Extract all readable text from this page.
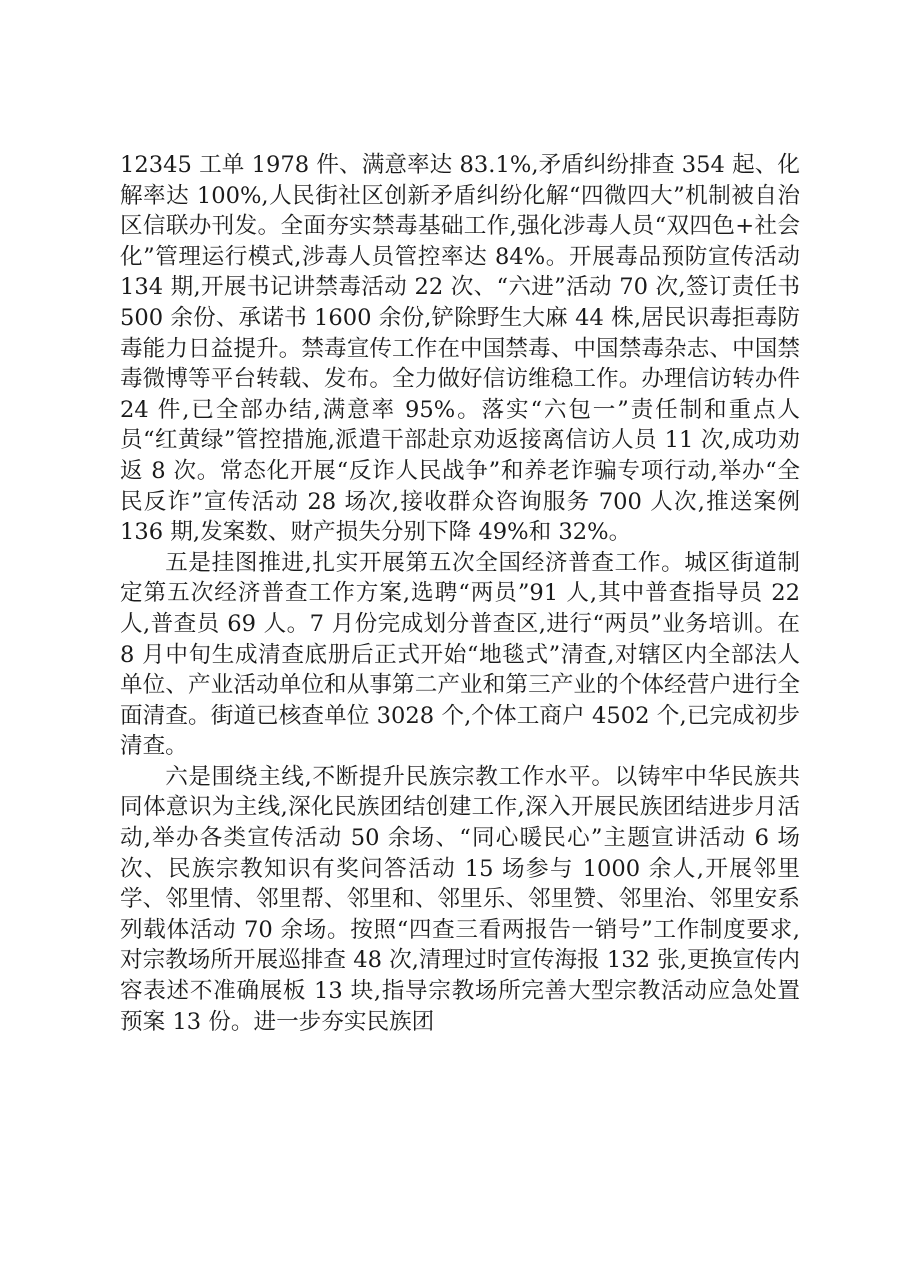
12345 工单 1978 件、满意率达 83.1%,矛盾纠纷排查 354 起、化解率达 100%,人民街社区创新矛盾纠纷化解“四微四大”机制被自治区信联办刊发。全面夯实禁毒基础工作,强化涉毒人员“双四色+社会化”管理运行模式,涉毒人员管控率达 84%。开展毒品预防宣传活动 134 期,开展书记讲禁毒活动 22 次、“六进”活动 70 次,签订责任书 500 余份、承诺书 1600 余份,铲除野生大麻 44 株,居民识毒拒毒防毒能力日益提升。禁毒宣传工作在中国禁毒、中国禁毒杂志、中国禁毒微博等平台转载、发布。全力做好信访维稳工作。办理信访转办件 24 件,已全部办结,满意率 95%。落实“六包一”责任制和重点人员“红黄绿”管控措施,派遣干部赴京劝返接离信访人员 11 次,成功劝返 8 次。常态化开展“反诈人民战争”和养老诈骗专项行动,举办“全民反诈”宣传活动 28 场次,接收群众咨询服务 700 人次,推送案例 136 期,发案数、财产损失分别下降 49%和 32%。

五是挂图推进,扎实开展第五次全国经济普查工作。城区街道制定第五次经济普查工作方案,选聘“两员”91 人,其中普查指导员 22 人,普查员 69 人。7 月份完成划分普查区,进行“两员”业务培训。在 8 月中旬生成清查底册后正式开始“地毯式”清查,对辖区内全部法人单位、产业活动单位和从事第二产业和第三产业的个体经营户进行全面清查。街道已核查单位 3028 个,个体工商户 4502 个,已完成初步清查。

六是围绕主线,不断提升民族宗教工作水平。以铸牢中华民族共同体意识为主线,深化民族团结创建工作,深入开展民族团结进步月活动,举办各类宣传活动 50 余场、“同心暖民心”主题宣讲活动 6 场次、民族宗教知识有奖问答活动 15 场参与 1000 余人,开展邻里学、邻里情、邻里帮、邻里和、邻里乐、邻里赞、邻里治、邻里安系列载体活动 70 余场。按照“四查三看两报告一销号”工作制度要求,对宗教场所开展巡排查 48 次,清理过时宣传海报 132 张,更换宣传内容表述不准确展板 13 块,指导宗教场所完善大型宗教活动应急处置预案 13 份。进一步夯实民族团
